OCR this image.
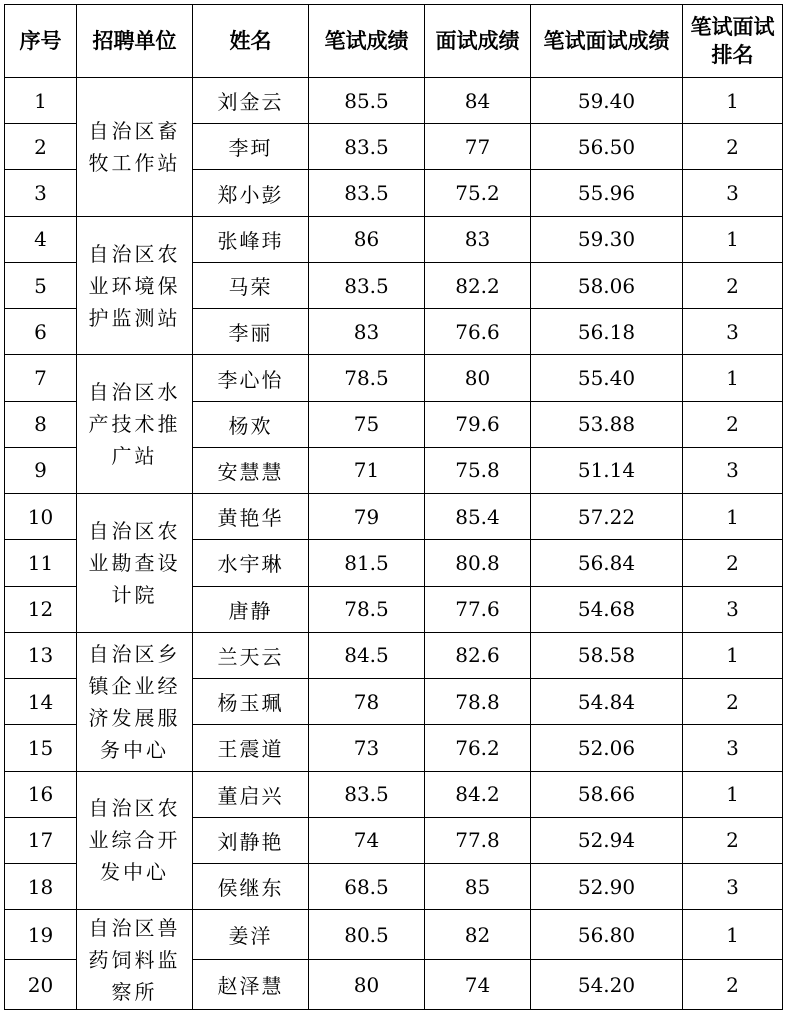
序号	招聘单位	姓名	笔试成绩	面试成绩	笔试面试成绩	笔试面试排名
1	自治区畜牧工作站	刘金云	85.5	84	59.40	1
2		李珂	83.5	77	56.50	2
3		郑小彭	83.5	75.2	55.96	3
4	自治区农业环境保护监测站	张峰玮	86	83	59.30	1
5		马荣	83.5	82.2	58.06	2
6		李丽	83	76.6	56.18	3
7	自治区水产技术推广站	李心怡	78.5	80	55.40	1
8		杨欢	75	79.6	53.88	2
9		安慧慧	71	75.8	51.14	3
10	自治区农业勘查设计院	黄艳华	79	85.4	57.22	1
11		水宇琳	81.5	80.8	56.84	2
12		唐静	78.5	77.6	54.68	3
13	自治区乡镇企业经济发展服务中心	兰天云	84.5	82.6	58.58	1
14		杨玉珮	78	78.8	54.84	2
15		王震道	73	76.2	52.06	3
16	自治区农业综合开发中心	董启兴	83.5	84.2	58.66	1
17		刘静艳	74	77.8	52.94	2
18		侯继东	68.5	85	52.90	3
19	自治区兽药饲料监察所	姜洋	80.5	82	56.80	1
20		赵泽慧	80	74	54.20	2
